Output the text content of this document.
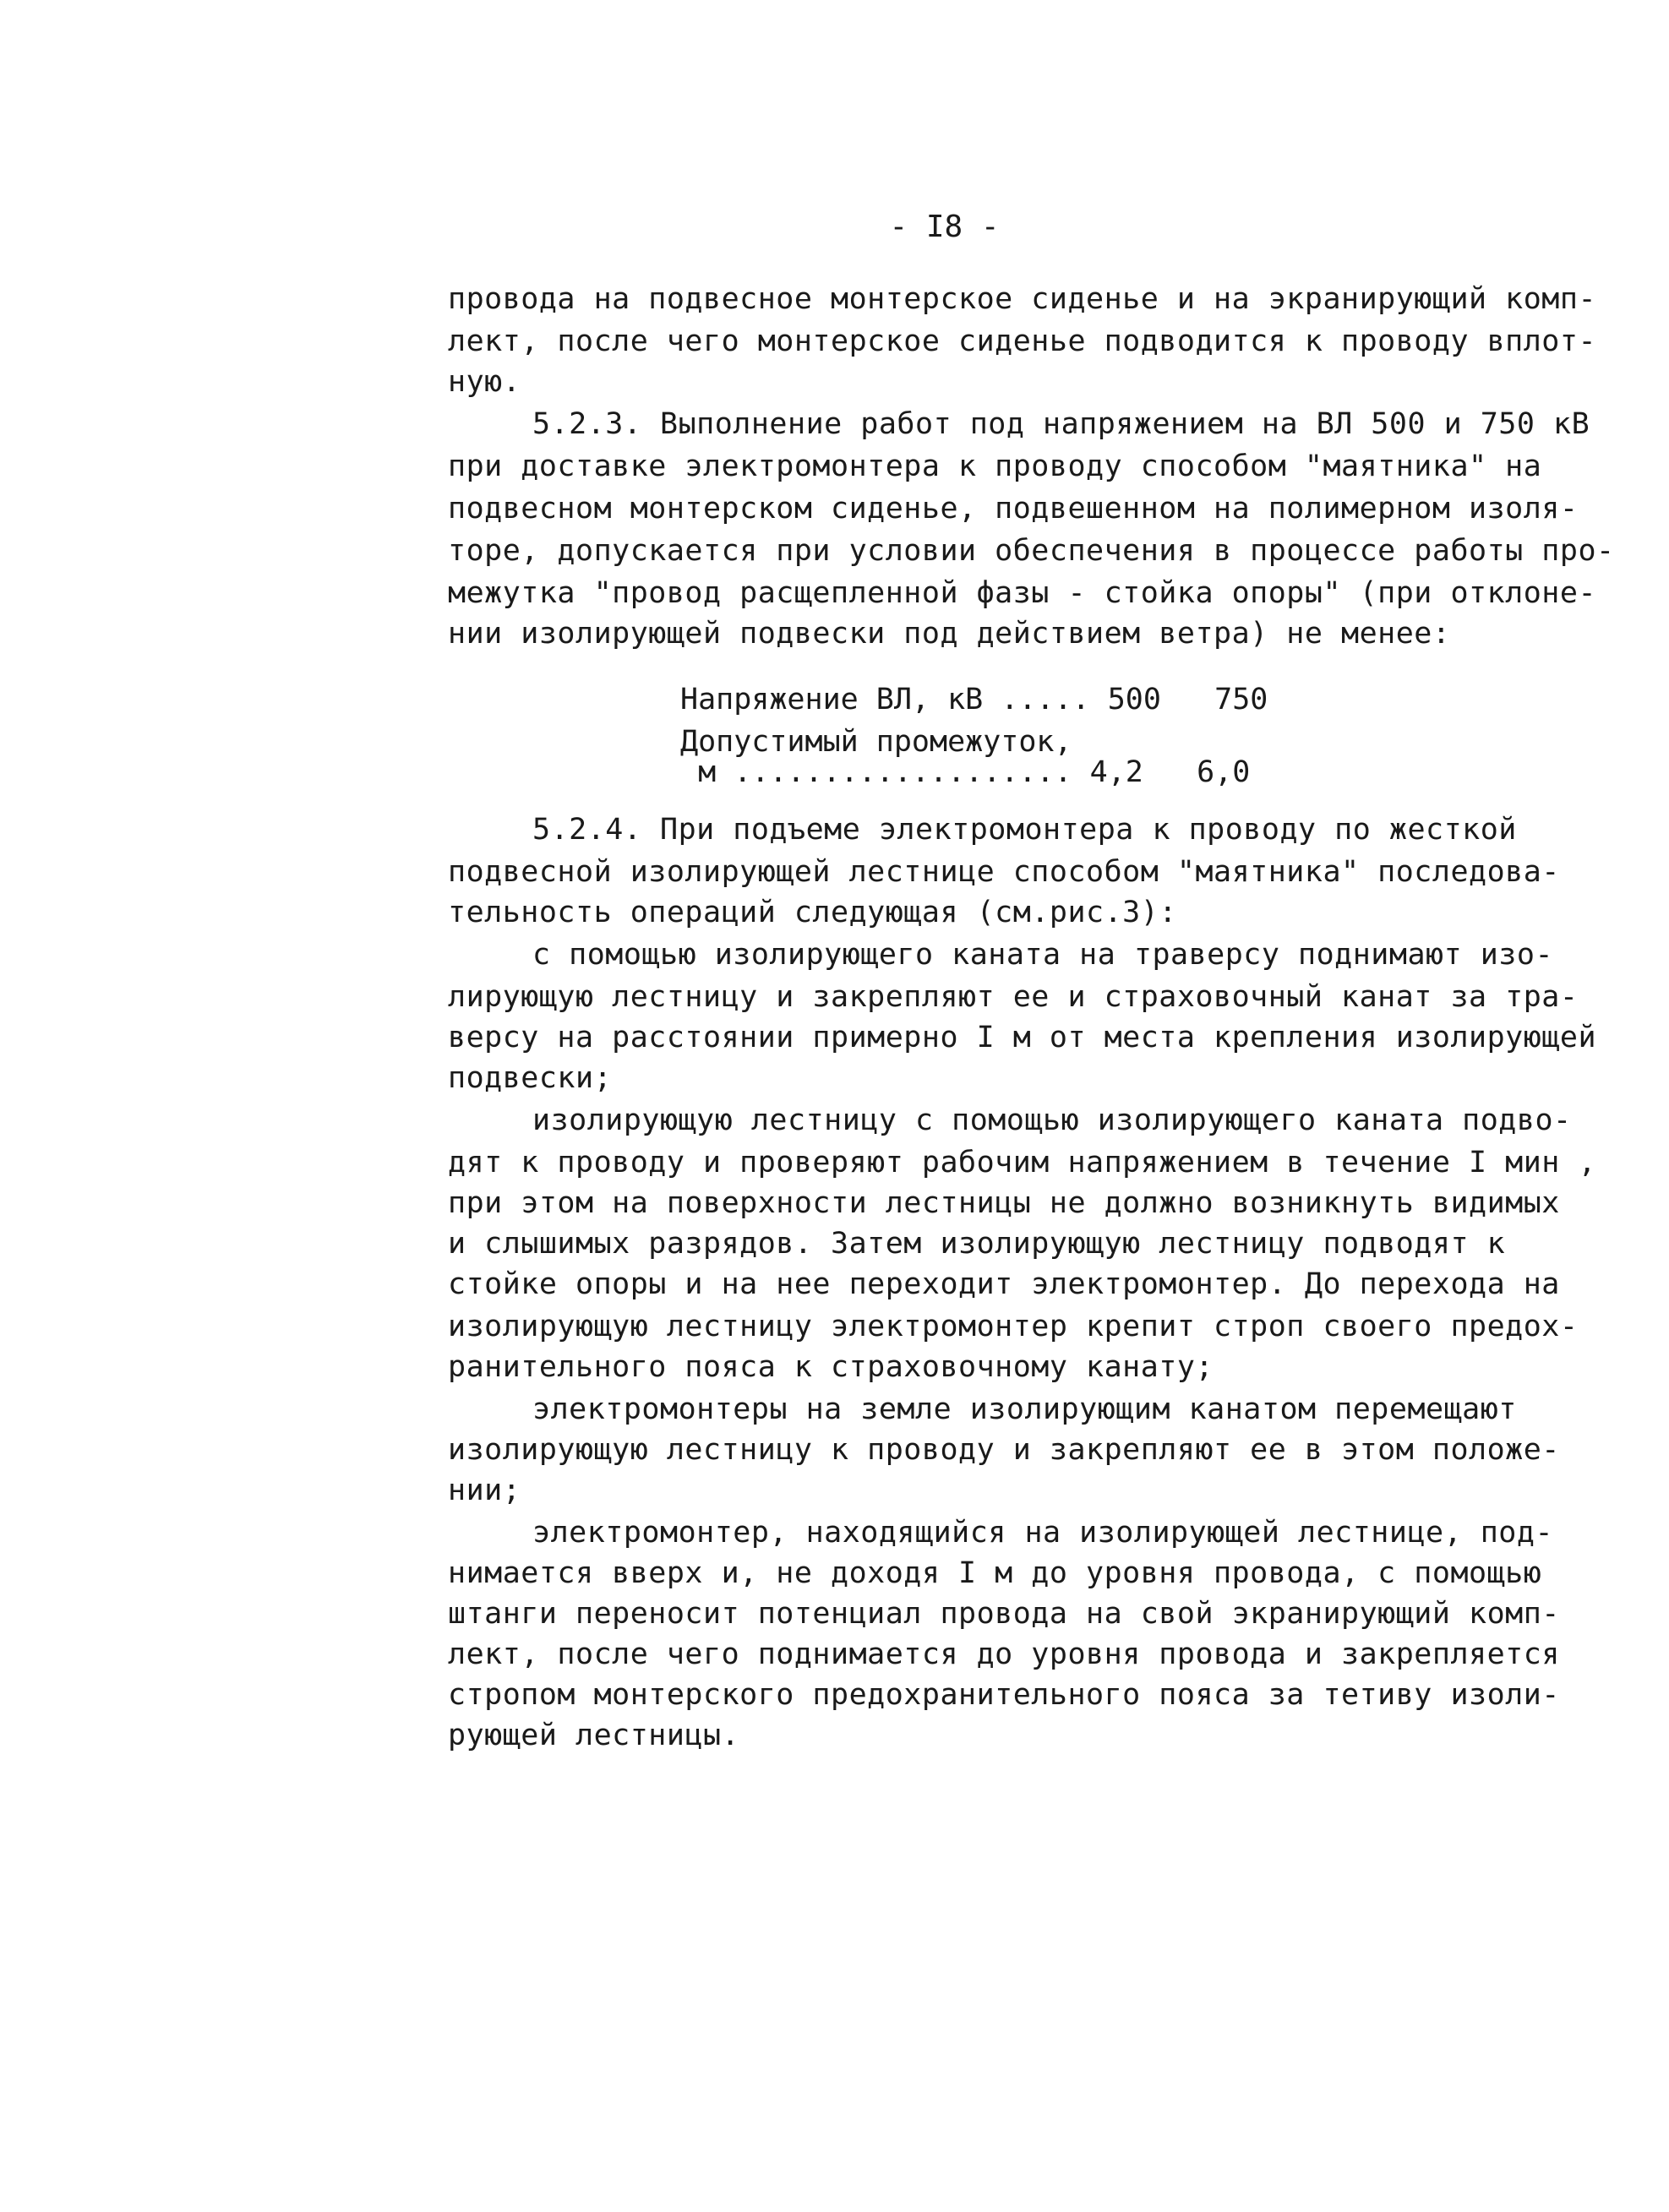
- I8 -
провода на подвесное монтерское сиденье и на экранирующий комп-
лект, после чего монтерское сиденье подводится к проводу вплот-
ную.
5.2.3. Выполнение работ под напряжением на ВЛ 500 и 750 кВ
при доставке электромонтера к проводу способом "маятника" на
подвесном монтерском сиденье, подвешенном на полимерном изоля-
торе, допускается при условии обеспечения в процессе работы про-
межутка "провод расщепленной фазы - стойка опоры" (при отклоне-
нии изолирующей подвески под действием ветра) не менее:
Напряжение ВЛ, кВ ..... 500   750
Допустимый промежуток,
м ................... 4,2   6,0
5.2.4. При подъеме электромонтера к проводу по жесткой
подвесной изолирующей лестнице способом "маятника" последова-
тельность операций следующая (см.рис.3):
с помощью изолирующего каната на траверсу поднимают изо-
лирующую лестницу и закрепляют ее и страховочный канат за тра-
версу на расстоянии примерно I м от места крепления изолирующей
подвески;
изолирующую лестницу с помощью изолирующего каната подво-
дят к проводу и проверяют рабочим напряжением в течение I мин ,
при этом на поверхности лестницы не должно возникнуть видимых
и слышимых разрядов. Затем изолирующую лестницу подводят к
стойке опоры и на нее переходит электромонтер. До перехода на
изолирующую лестницу электромонтер крепит строп своего предох-
ранительного пояса к страховочному канату;
электромонтеры на земле изолирующим канатом перемещают
изолирующую лестницу к проводу и закрепляют ее в этом положе-
нии;
электромонтер, находящийся на изолирующей лестнице, под-
нимается вверх и, не доходя I м до уровня провода, с помощью
штанги переносит потенциал провода на свой экранирующий комп-
лект, после чего поднимается до уровня провода и закрепляется
стропом монтерского предохранительного пояса за тетиву изоли-
рующей лестницы.
